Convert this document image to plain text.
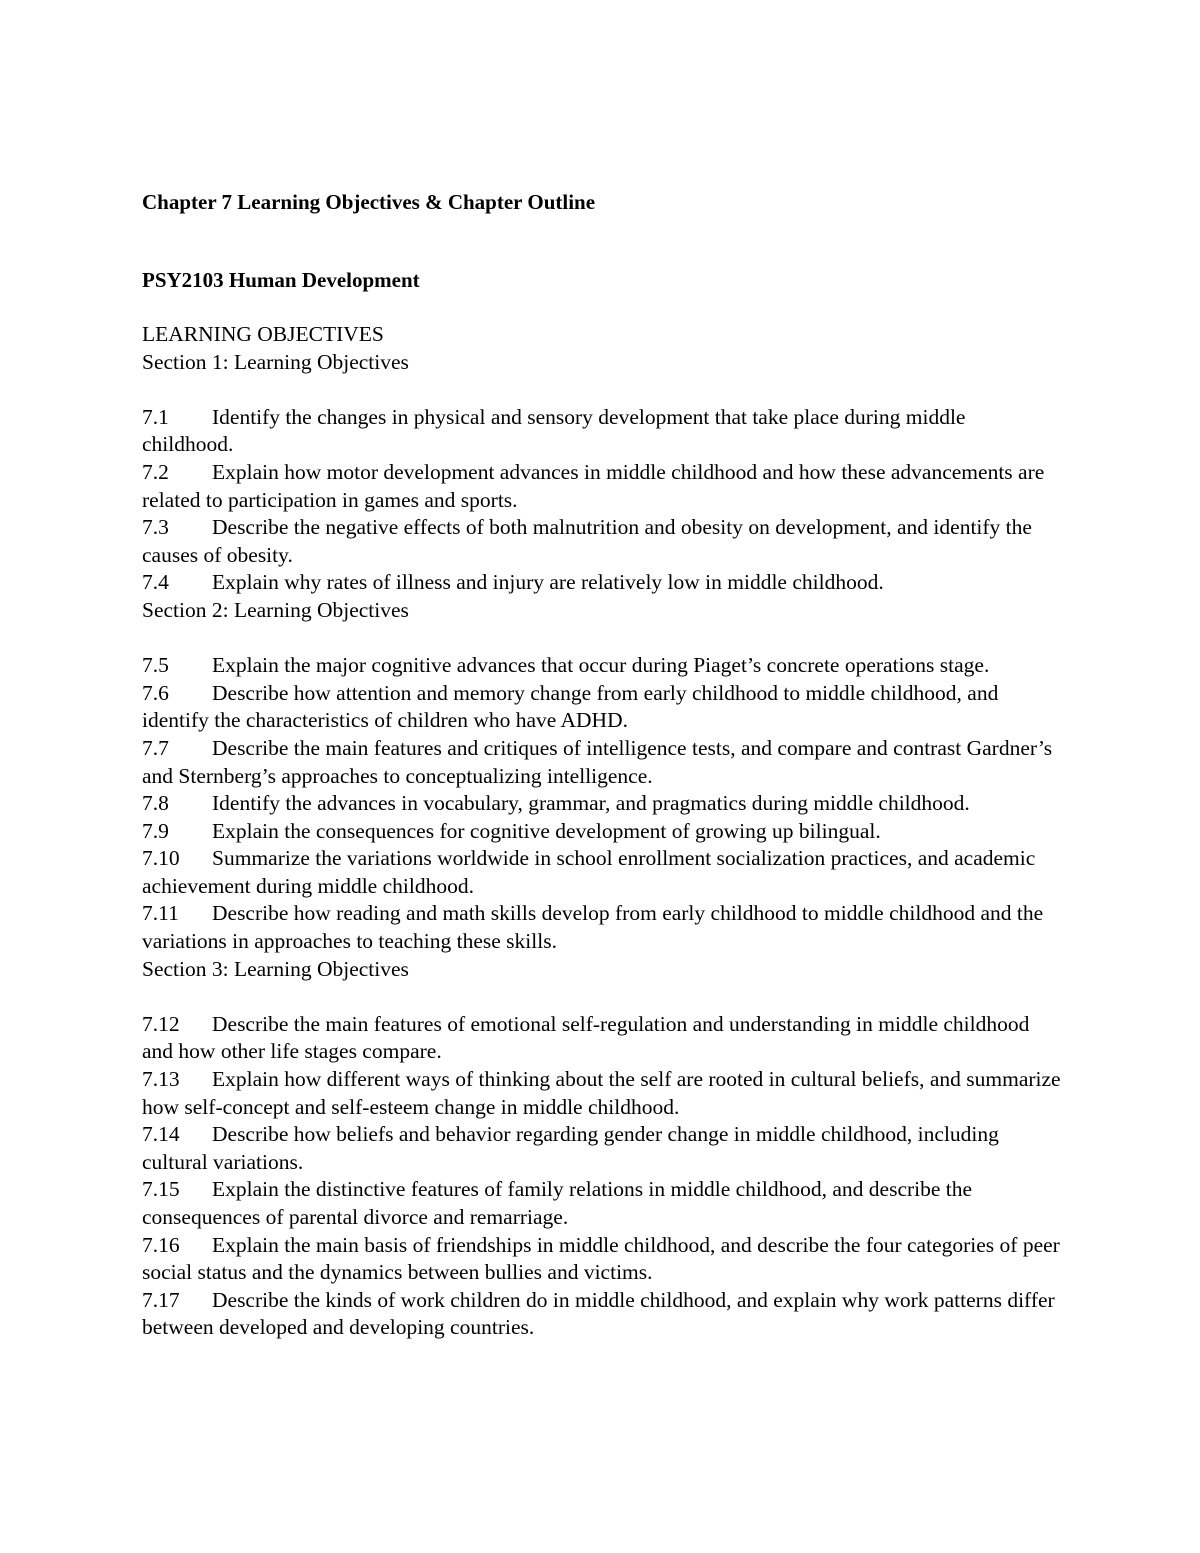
Chapter 7 Learning Objectives & Chapter Outline

PSY2103 Human Development

LEARNING OBJECTIVES

Section 1: Learning Objectives

7.1 Identify the changes in physical and sensory development that take place during middle childhood.
7.2 Explain how motor development advances in middle childhood and how these advancements are related to participation in games and sports.
7.3 Describe the negative effects of both malnutrition and obesity on development, and identify the causes of obesity.
7.4 Explain why rates of illness and injury are relatively low in middle childhood.

Section 2: Learning Objectives

7.5 Explain the major cognitive advances that occur during Piaget’s concrete operations stage.
7.6 Describe how attention and memory change from early childhood to middle childhood, and identify the characteristics of children who have ADHD.
7.7 Describe the main features and critiques of intelligence tests, and compare and contrast Gardner’s and Sternberg’s approaches to conceptualizing intelligence.
7.8 Identify the advances in vocabulary, grammar, and pragmatics during middle childhood.
7.9 Explain the consequences for cognitive development of growing up bilingual.
7.10 Summarize the variations worldwide in school enrollment socialization practices, and academic achievement during middle childhood.
7.11 Describe how reading and math skills develop from early childhood to middle childhood and the variations in approaches to teaching these skills.

Section 3: Learning Objectives

7.12 Describe the main features of emotional self-regulation and understanding in middle childhood and how other life stages compare.
7.13 Explain how different ways of thinking about the self are rooted in cultural beliefs, and summarize how self-concept and self-esteem change in middle childhood.
7.14 Describe how beliefs and behavior regarding gender change in middle childhood, including cultural variations.
7.15 Explain the distinctive features of family relations in middle childhood, and describe the consequences of parental divorce and remarriage.
7.16 Explain the main basis of friendships in middle childhood, and describe the four categories of peer social status and the dynamics between bullies and victims.
7.17 Describe the kinds of work children do in middle childhood, and explain why work patterns differ between developed and developing countries.
